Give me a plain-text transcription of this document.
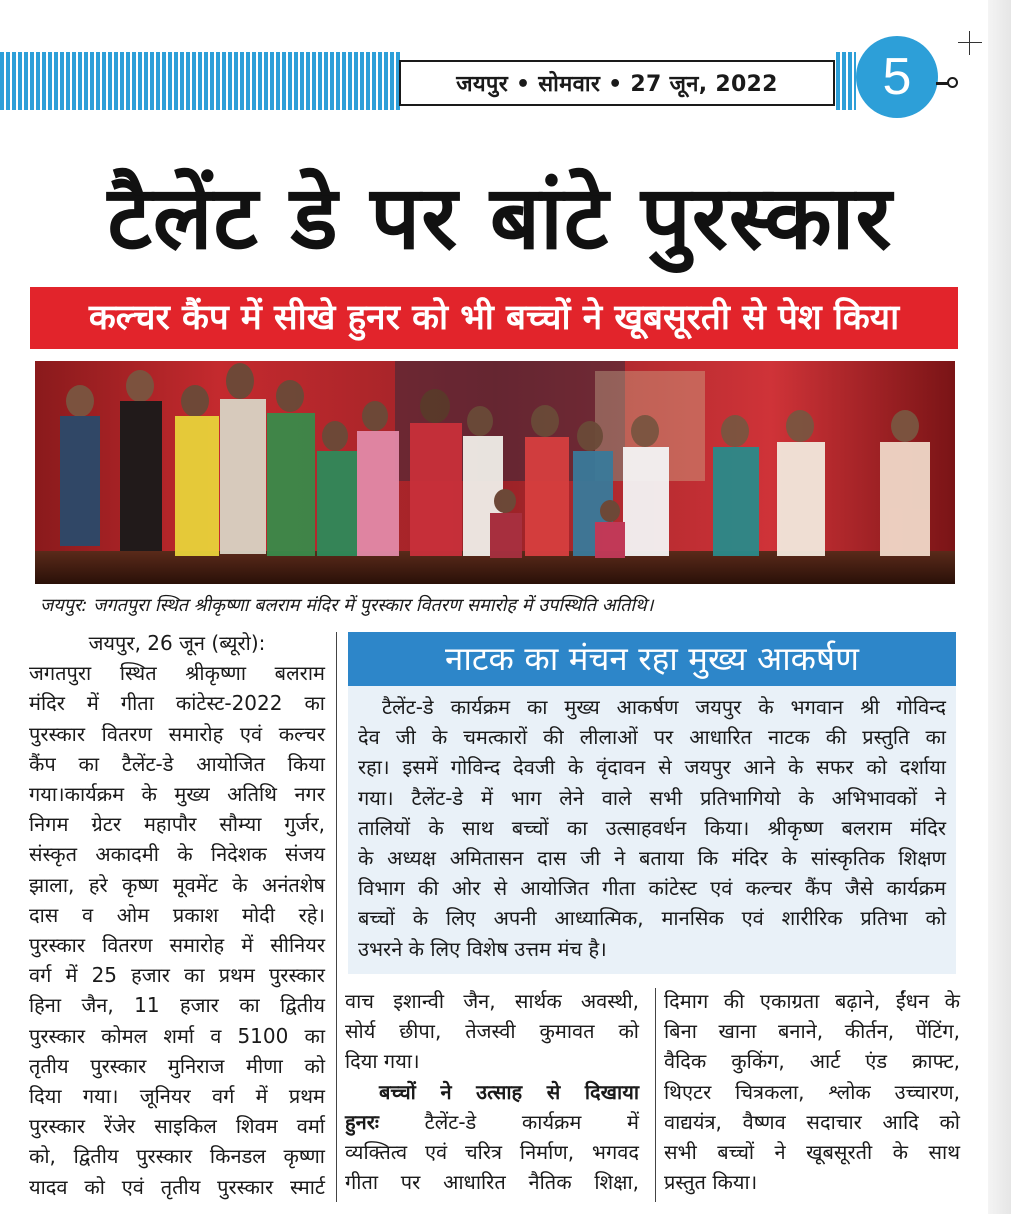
जयपुर • सोमवार • 27 जून, 2022	5
टैलेंट डे पर बांटे पुरस्कार
कल्चर कैंप में सीखे हुनर को भी बच्चों ने खूबसूरती से पेश किया
जयपुर: जगतपुरा स्थित श्रीकृष्णा बलराम मंदिर में पुरस्कार वितरण समारोह में उपस्थिति अतिथि।
जयपुर, 26 जून (ब्यूरो):
जगतपुरा स्थित श्रीकृष्णा बलराम
मंदिर में गीता कांटेस्ट-2022 का
पुरस्कार वितरण समारोह एवं कल्चर
कैंप का टैलेंट-डे आयोजित किया
गया।कार्यक्रम के मुख्य अतिथि नगर
निगम ग्रेटर महापौर सौम्या गुर्जर,
संस्कृत अकादमी के निदेशक संजय
झाला, हरे कृष्ण मूवमेंट के अनंतशेष
दास व ओम प्रकाश मोदी रहे।
पुरस्कार वितरण समारोह में सीनियर
वर्ग में 25 हजार का प्रथम पुरस्कार
हिना जैन, 11 हजार का द्वितीय
पुरस्कार कोमल शर्मा व 5100 का
तृतीय पुरस्कार मुनिराज मीणा को
दिया गया। जूनियर वर्ग में प्रथम
पुरस्कार रेंजेर साइकिल शिवम वर्मा
को, द्वितीय पुरस्कार किनडल कृष्णा
यादव को एवं तृतीय पुरस्कार स्मार्ट
नाटक का मंचन रहा मुख्य आकर्षण
टैलेंट-डे कार्यक्रम का मुख्य आकर्षण जयपुर के भगवान श्री गोविन्द
देव जी के चमत्कारों की लीलाओं पर आधारित नाटक की प्रस्तुति का
रहा। इसमें गोविन्द देवजी के वृंदावन से जयपुर आने के सफर को दर्शाया
गया। टैलेंट-डे में भाग लेने वाले सभी प्रतिभागियो के अभिभावकों ने
तालियों के साथ बच्चों का उत्साहवर्धन किया। श्रीकृष्ण बलराम मंदिर
के अध्यक्ष अमितासन दास जी ने बताया कि मंदिर के सांस्कृतिक शिक्षण
विभाग की ओर से आयोजित गीता कांटेस्ट एवं कल्चर कैंप जैसे कार्यक्रम
बच्चों के लिए अपनी आध्यात्मिक, मानसिक एवं शारीरिक प्रतिभा को
उभरने के लिए विशेष उत्तम मंच है।
वाच इशान्वी जैन, सार्थक अवस्थी,
सोर्य छीपा, तेजस्वी कुमावत को
दिया गया।
बच्चों ने उत्साह से दिखाया
हुनरः टैलेंट-डे कार्यक्रम में
व्यक्तित्व एवं चरित्र निर्माण, भगवद
गीता पर आधारित नैतिक शिक्षा,
दिमाग की एकाग्रता बढ़ाने, ईंधन के
बिना खाना बनाने, कीर्तन, पेंटिंग,
वैदिक कुकिंग, आर्ट एंड क्राफ्ट,
थिएटर चित्रकला, श्लोक उच्चारण,
वाद्ययंत्र, वैष्णव सदाचार आदि को
सभी बच्चों ने खूबसूरती के साथ
प्रस्तुत किया।
